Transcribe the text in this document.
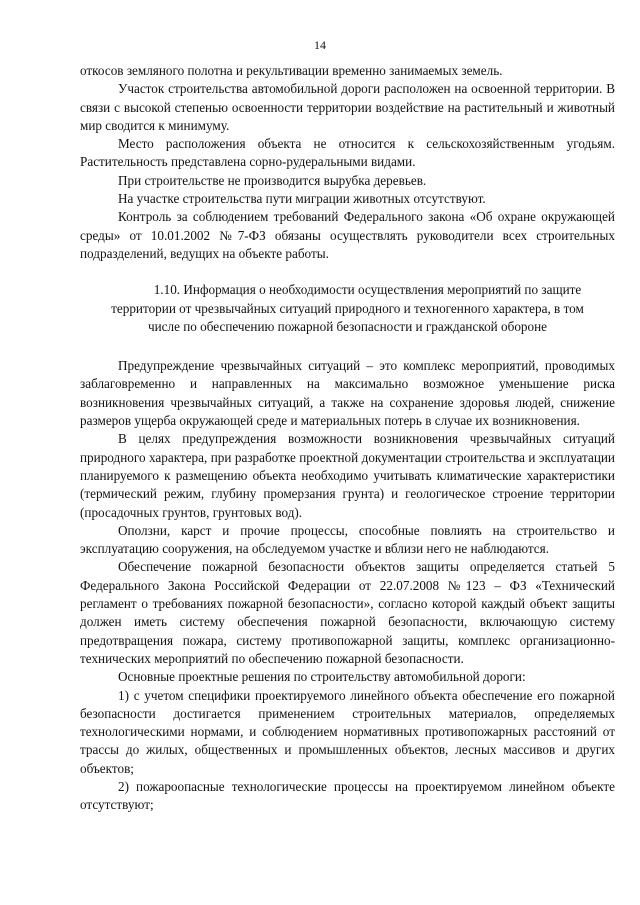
14

откосов земляного полотна и рекультивации временно занимаемых земель.

Участок строительства автомобильной дороги расположен на освоенной территории. В связи с высокой степенью освоенности территории воздействие на растительный и животный мир сводится к минимуму.

Место расположения объекта не относится к сельскохозяйственным угодьям. Растительность представлена сорно-рудеральными видами.

При строительстве не производится вырубка деревьев.

На участке строительства пути миграции животных отсутствуют.

Контроль за соблюдением требований Федерального закона «Об охране окружающей среды» от 10.01.2002 №7-ФЗ обязаны осуществлять руководители всех строительных подразделений, ведущих на объекте работы.

1.10. Информация о необходимости осуществления мероприятий по защите
территории от чрезвычайных ситуаций природного и техногенного характера, в том
числе по обеспечению пожарной безопасности и гражданской обороне

Предупреждение чрезвычайных ситуаций – это комплекс мероприятий, проводимых заблаговременно и направленных на максимально возможное уменьшение риска возникновения чрезвычайных ситуаций, а также на сохранение здоровья людей, снижение размеров ущерба окружающей среде и материальных потерь в случае их возникновения.

В целях предупреждения возможности возникновения чрезвычайных ситуаций природного характера, при разработке проектной документации строительства и эксплуатации планируемого к размещению объекта необходимо учитывать климатические характеристики (термический режим, глубину промерзания грунта) и геологическое строение территории (просадочных грунтов, грунтовых вод).

Оползни, карст и прочие процессы, способные повлиять на строительство и эксплуатацию сооружения, на обследуемом участке и вблизи него не наблюдаются.

Обеспечение пожарной безопасности объектов защиты определяется статьей 5 Федерального Закона Российской Федерации от 22.07.2008 №123 – ФЗ «Технический регламент о требованиях пожарной безопасности», согласно которой каждый объект защиты должен иметь систему обеспечения пожарной безопасности, включающую систему предотвращения пожара, систему противопожарной защиты, комплекс организационно-технических мероприятий по обеспечению пожарной безопасности.

Основные проектные решения по строительству автомобильной дороги:

1) с учетом специфики проектируемого линейного объекта обеспечение его пожарной безопасности достигается применением строительных материалов, определяемых технологическими нормами, и соблюдением нормативных противопожарных расстояний от трассы до жилых, общественных и промышленных объектов, лесных массивов и других объектов;

2) пожароопасные технологические процессы на проектируемом линейном объекте отсутствуют;
